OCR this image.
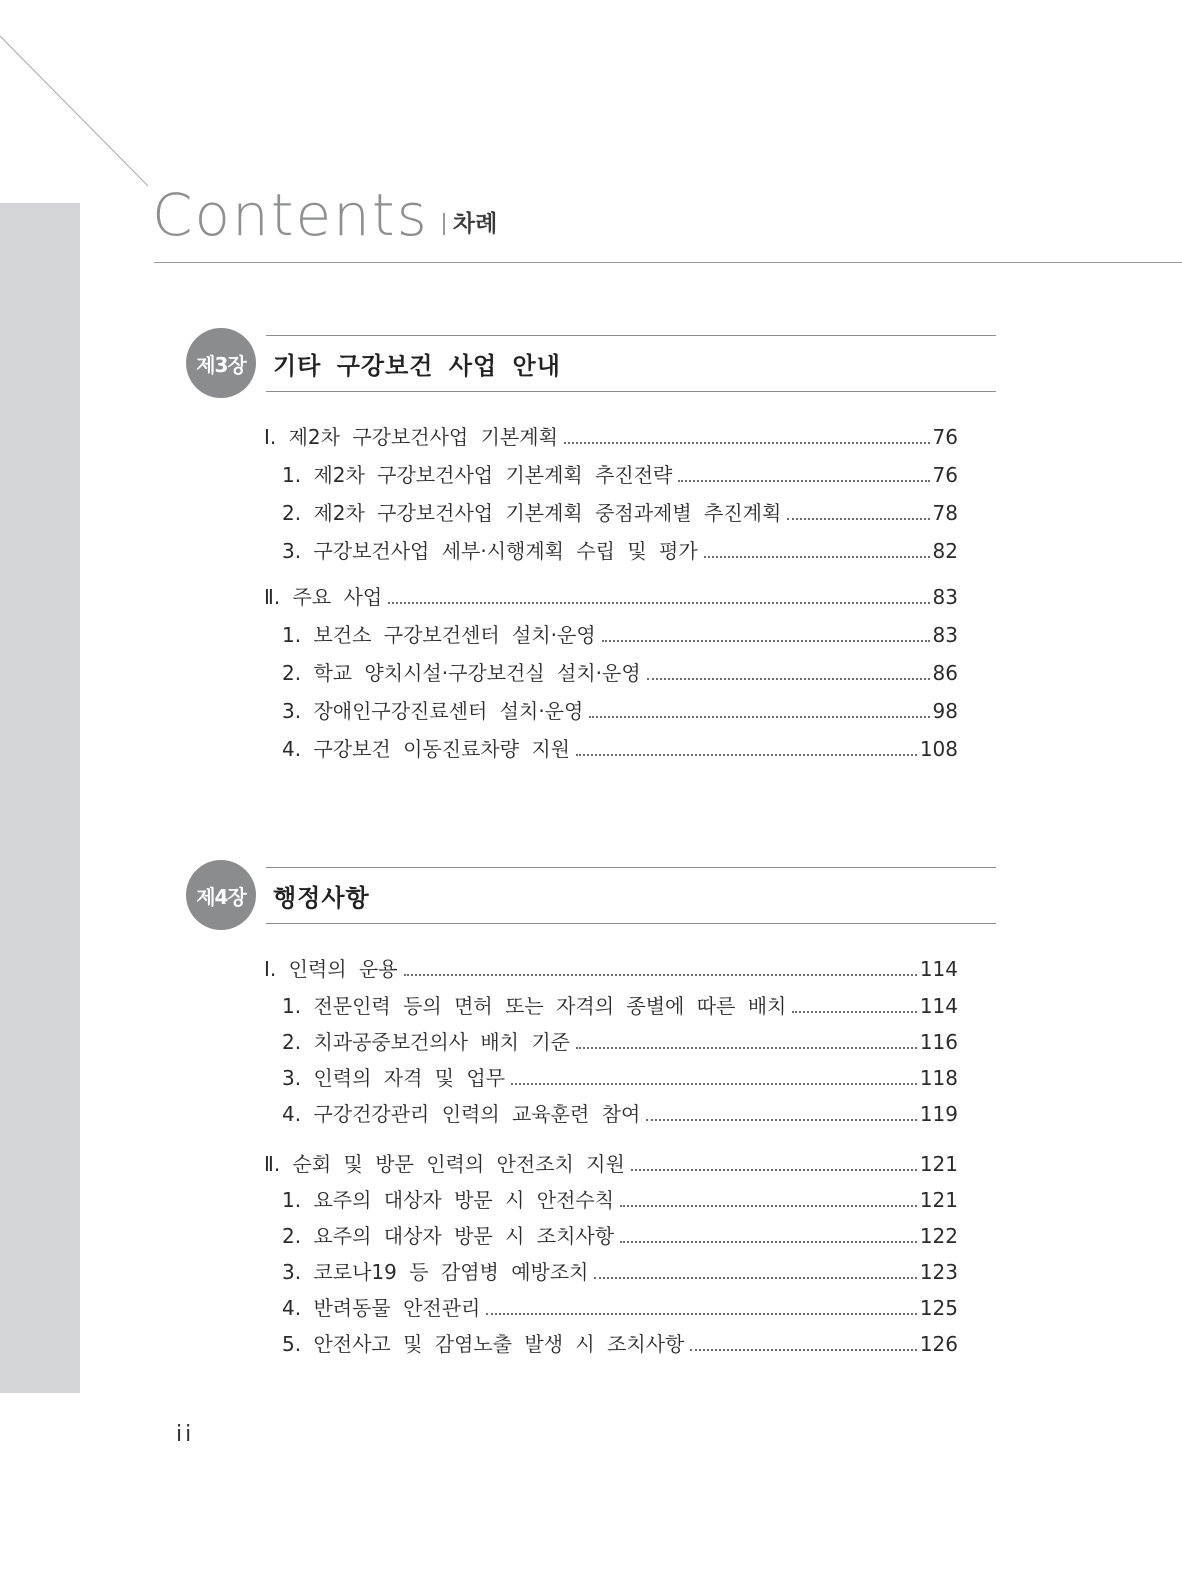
Contents 차례
제3장	기타 구강보건 사업 안내
Ⅰ. 제2차 구강보건사업 기본계획	76
1. 제2차 구강보건사업 기본계획 추진전략	76
2. 제2차 구강보건사업 기본계획 중점과제별 추진계획	78
3. 구강보건사업 세부·시행계획 수립 및 평가	82
Ⅱ. 주요 사업	83
1. 보건소 구강보건센터 설치·운영	83
2. 학교 양치시설·구강보건실 설치·운영	86
3. 장애인구강진료센터 설치·운영	98
4. 구강보건 이동진료차량 지원	108
제4장	행정사항
Ⅰ. 인력의 운용	114
1. 전문인력 등의 면허 또는 자격의 종별에 따른 배치	114
2. 치과공중보건의사 배치 기준	116
3. 인력의 자격 및 업무	118
4. 구강건강관리 인력의 교육훈련 참여	119
Ⅱ. 순회 및 방문 인력의 안전조치 지원	121
1. 요주의 대상자 방문 시 안전수칙	121
2. 요주의 대상자 방문 시 조치사항	122
3. 코로나19 등 감염병 예방조치	123
4. 반려동물 안전관리	125
5. 안전사고 및 감염노출 발생 시 조치사항	126
ii
